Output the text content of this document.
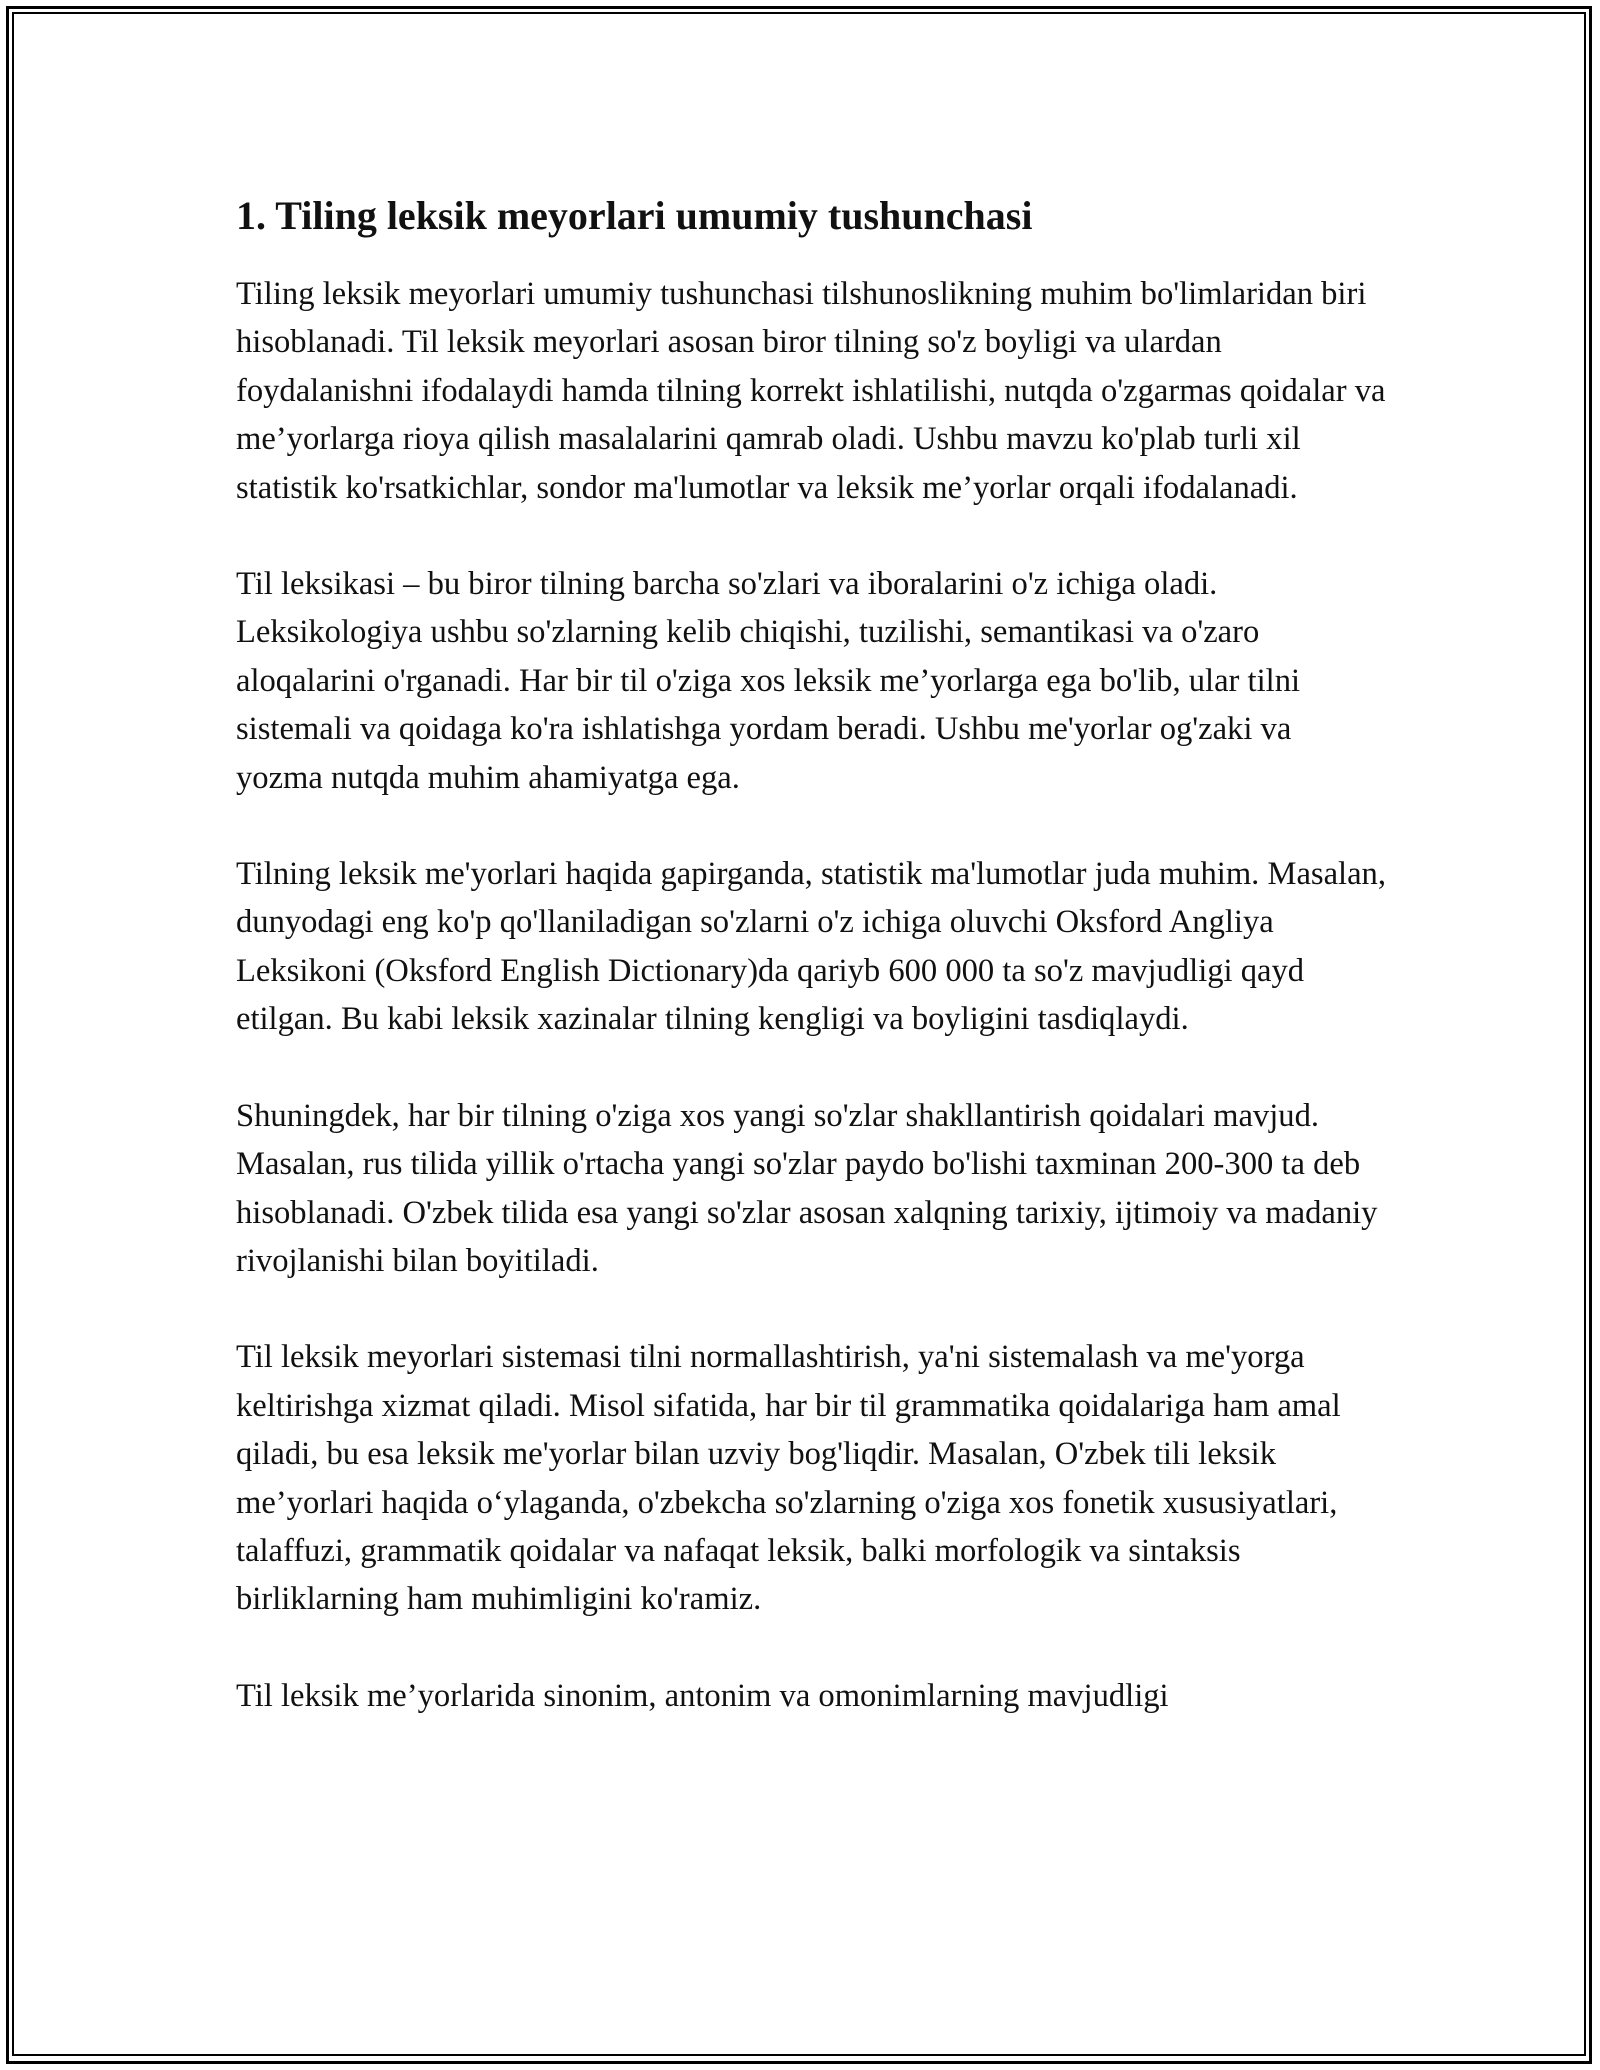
1. Tiling leksik meyorlari umumiy tushunchasi

Tiling leksik meyorlari umumiy tushunchasi tilshunoslikning muhim bo'limlaridan biri hisoblanadi. Til leksik meyorlari asosan biror tilning so'z boyligi va ulardan foydalanishni ifodalaydi hamda tilning korrekt ishlatilishi, nutqda o'zgarmas qoidalar va me’yorlarga rioya qilish masalalarini qamrab oladi. Ushbu mavzu ko'plab turli xil statistik ko'rsatkichlar, sondor ma'lumotlar va leksik me’yorlar orqali ifodalanadi.

Til leksikasi – bu biror tilning barcha so'zlari va iboralarini o'z ichiga oladi. Leksikologiya ushbu so'zlarning kelib chiqishi, tuzilishi, semantikasi va o'zaro aloqalarini o'rganadi. Har bir til o'ziga xos leksik me’yorlarga ega bo'lib, ular tilni sistemali va qoidaga ko'ra ishlatishga yordam beradi. Ushbu me'yorlar og'zaki va yozma nutqda muhim ahamiyatga ega.

Tilning leksik me'yorlari haqida gapirganda, statistik ma'lumotlar juda muhim. Masalan, dunyodagi eng ko'p qo'llaniladigan so'zlarni o'z ichiga oluvchi Oksford Angliya Leksikoni (Oksford English Dictionary)da qariyb 600 000 ta so'z mavjudligi qayd etilgan. Bu kabi leksik xazinalar tilning kengligi va boyligini tasdiqlaydi.

Shuningdek, har bir tilning o'ziga xos yangi so'zlar shakllantirish qoidalari mavjud. Masalan, rus tilida yillik o'rtacha yangi so'zlar paydo bo'lishi taxminan 200-300 ta deb hisoblanadi. O'zbek tilida esa yangi so'zlar asosan xalqning tarixiy, ijtimoiy va madaniy rivojlanishi bilan boyitiladi.

Til leksik meyorlari sistemasi tilni normallashtirish, ya'ni sistemalash va me'yorga keltirishga xizmat qiladi. Misol sifatida, har bir til grammatika qoidalariga ham amal qiladi, bu esa leksik me'yorlar bilan uzviy bog'liqdir. Masalan, O'zbek tili leksik me’yorlari haqida o‘ylaganda, o'zbekcha so'zlarning o'ziga xos fonetik xususiyatlari, talaffuzi, grammatik qoidalar va nafaqat leksik, balki morfologik va sintaksis birliklarning ham muhimligini ko'ramiz.

Til leksik me’yorlarida sinonim, antonim va omonimlarning mavjudligi
